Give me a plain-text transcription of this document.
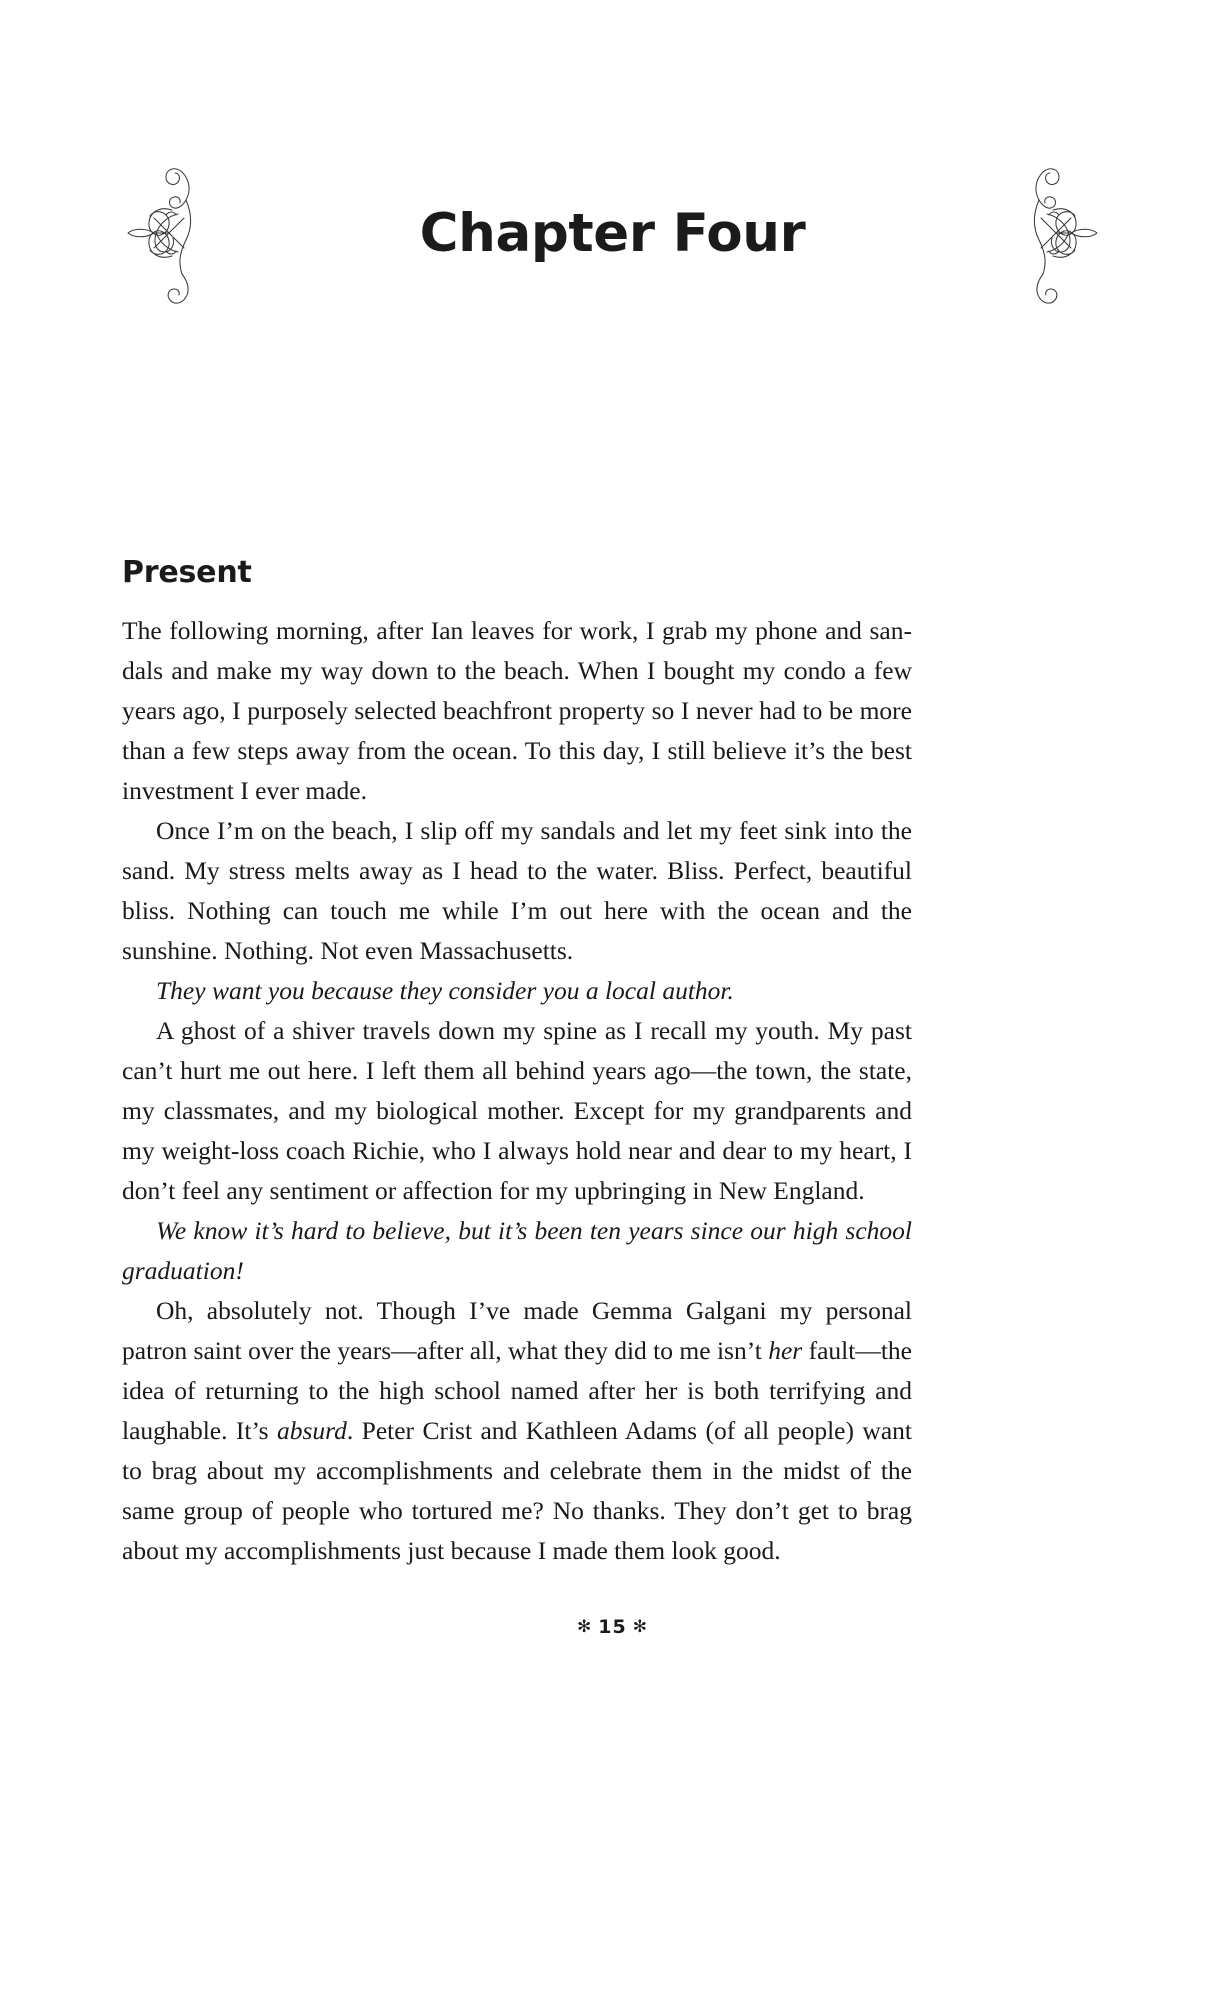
Chapter Four
Present

The following morning, after Ian leaves for work, I grab my phone and san-dals and make my way down to the beach. When I bought my condo a few years ago, I purposely selected beachfront property so I never had to be more than a few steps away from the ocean. To this day, I still believe it’s the best investment I ever made.

Once I’m on the beach, I slip off my sandals and let my feet sink into the sand. My stress melts away as I head to the water. Bliss. Perfect, beautiful bliss. Nothing can touch me while I’m out here with the ocean and the sunshine. Nothing. Not even Massachusetts.

They want you because they consider you a local author.

A ghost of a shiver travels down my spine as I recall my youth. My past can’t hurt me out here. I left them all behind years ago—the town, the state, my classmates, and my biological mother. Except for my grandparents and my weight-loss coach Richie, who I always hold near and dear to my heart, I don’t feel any sentiment or affection for my upbringing in New England.

We know it’s hard to believe, but it’s been ten years since our high school graduation!

Oh, absolutely not. Though I’ve made Gemma Galgani my personal patron saint over the years—after all, what they did to me isn’t her fault—the idea of returning to the high school named after her is both terrifying and laughable. It’s absurd. Peter Crist and Kathleen Adams (of all people) want to brag about my accomplishments and celebrate them in the midst of the same group of people who tortured me? No thanks. They don’t get to brag about my accomplishments just because I made them look good.

✻ 15 ✻
